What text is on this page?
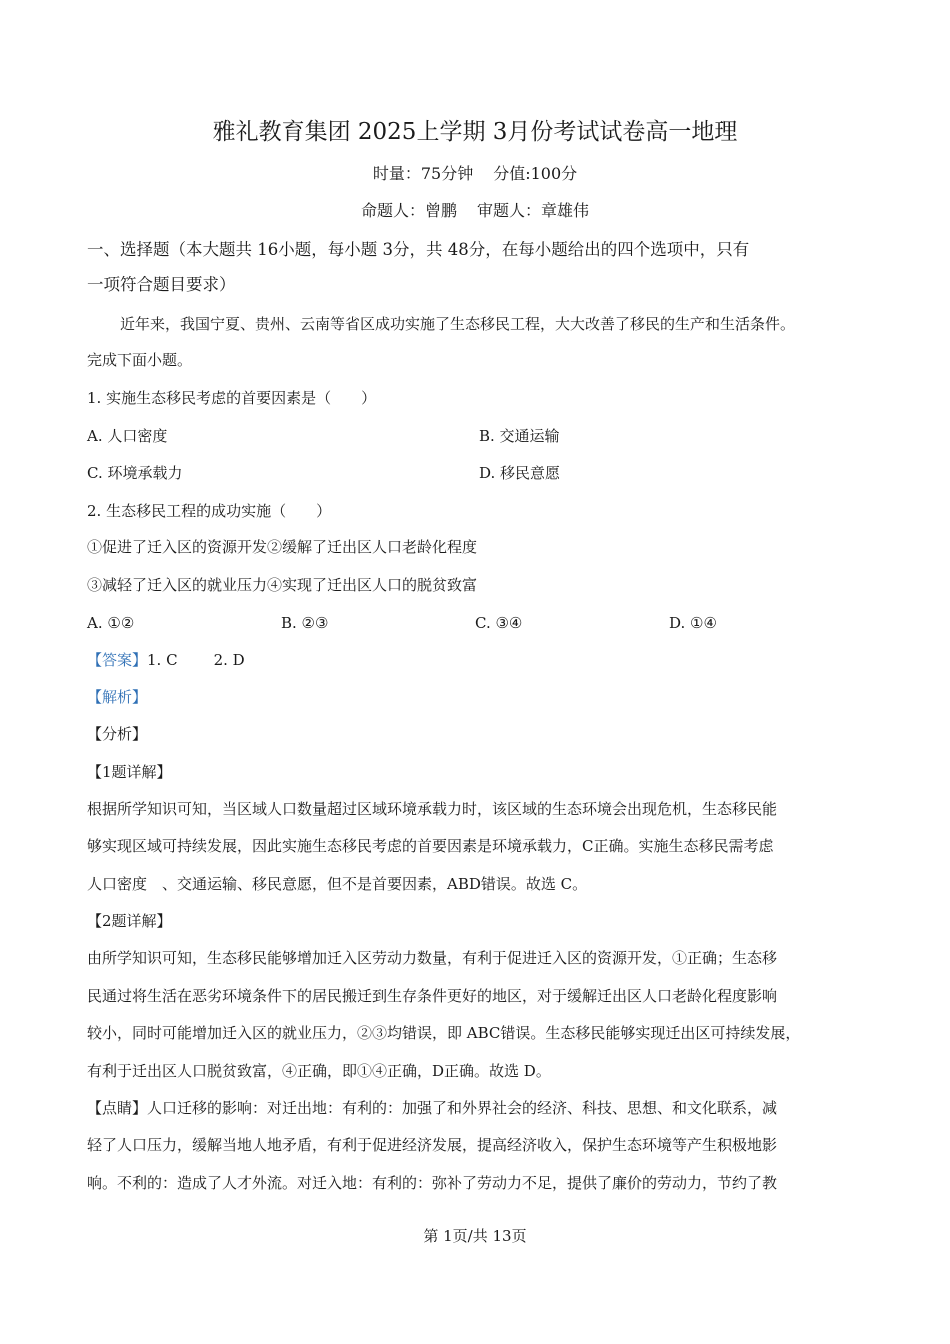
雅礼教育集团 2025上学期 3月份考试试卷高一地理
时量：75分钟 分值:100分
命题人：曾鹏 审题人：章雄伟
一、选择题（本大题共 16小题，每小题 3分，共 48分，在每小题给出的四个选项中，只有
一项符合题目要求）
近年来，我国宁夏、贵州、云南等省区成功实施了生态移民工程，大大改善了移民的生产和生活条件。
完成下面小题。
1. 实施生态移民考虑的首要因素是（　　）
A. 人口密度	B. 交通运输
C. 环境承载力	D. 移民意愿
2. 生态移民工程的成功实施（　　）
①促进了迁入区的资源开发②缓解了迁出区人口老龄化程度
③减轻了迁入区的就业压力④实现了迁出区人口的脱贫致富
A. ①②	B. ②③	C. ③④	D. ①④
【答案】1. C 2. D
【解析】
【分析】
【1题详解】
根据所学知识可知，当区域人口数量超过区域环境承载力时，该区域的生态环境会出现危机，生态移民能
够实现区域可持续发展，因此实施生态移民考虑的首要因素是环境承载力，C正确。实施生态移民需考虑
人口密度　、交通运输、移民意愿，但不是首要因素，ABD错误。故选 C。
【2题详解】
由所学知识可知，生态移民能够增加迁入区劳动力数量，有利于促进迁入区的资源开发，①正确；生态移
民通过将生活在恶劣环境条件下的居民搬迁到生存条件更好的地区，对于缓解迁出区人口老龄化程度影响
较小，同时可能增加迁入区的就业压力，②③均错误，即 ABC错误。生态移民能够实现迁出区可持续发展，
有利于迁出区人口脱贫致富，④正确，即①④正确，D正确。故选 D。
【点睛】人口迁移的影响：对迁出地：有利的：加强了和外界社会的经济、科技、思想、和文化联系，减
轻了人口压力，缓解当地人地矛盾，有利于促进经济发展，提高经济收入，保护生态环境等产生积极地影
响。不利的：造成了人才外流。对迁入地：有利的：弥补了劳动力不足，提供了廉价的劳动力，节约了教
第 1页/共 13页
